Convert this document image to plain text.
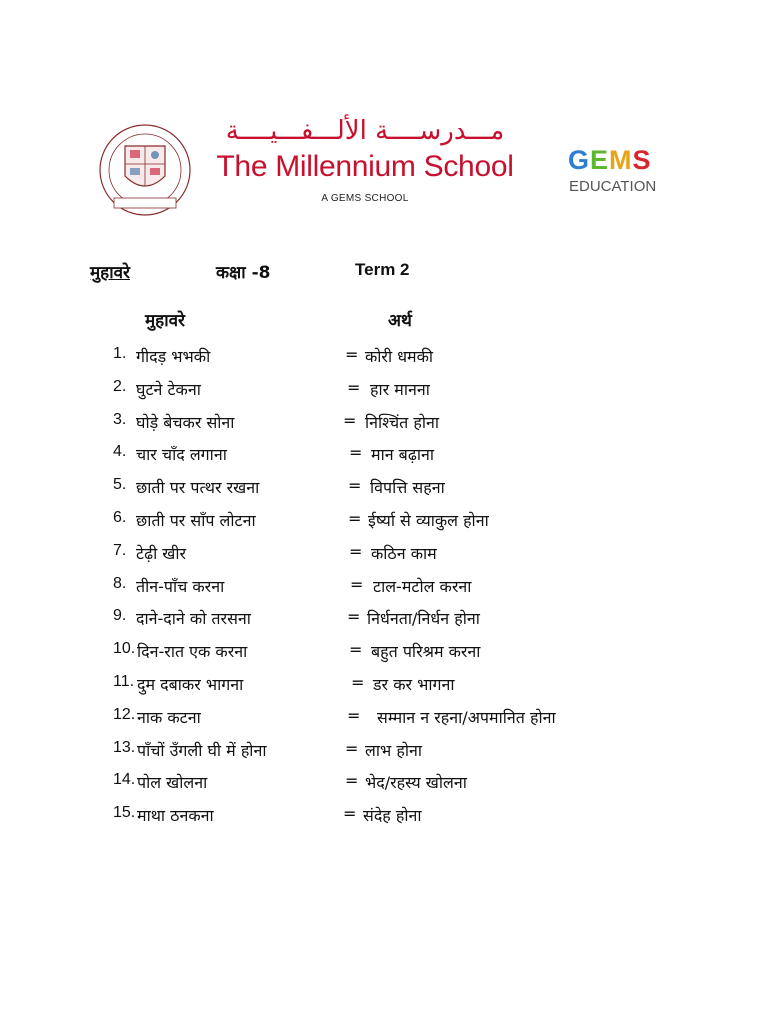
مـــدرســــة الألـــفـــيــــة
The Millennium School
A GEMS SCHOOL
GEMS
EDUCATION
मुहावरे	कक्षा -8	Term 2
मुहावरे	अर्थ
1. गीदड़ भभकी	= कोरी धमकी
2. घुटने टेकना	= हार मानना
3. घोड़े बेचकर सोना	= निश्चिंत होना
4. चार चाँद लगाना	= मान बढ़ाना
5. छाती पर पत्थर रखना	= विपत्ति सहना
6. छाती पर साँप लोटना	= ईर्ष्या से व्याकुल होना
7. टेढ़ी खीर	= कठिन काम
8. तीन-पाँच करना	= टाल-मटोल करना
9. दाने-दाने को तरसना	= निर्धनता/निर्धन होना
10. दिन-रात एक करना	= बहुत परिश्रम करना
11. दुम दबाकर भागना	= डर कर भागना
12. नाक कटना	= सम्मान न रहना/अपमानित होना
13. पाँचों उँगली घी में होना	= लाभ होना
14. पोल खोलना	= भेद/रहस्य खोलना
15. माथा ठनकना	= संदेह होना
